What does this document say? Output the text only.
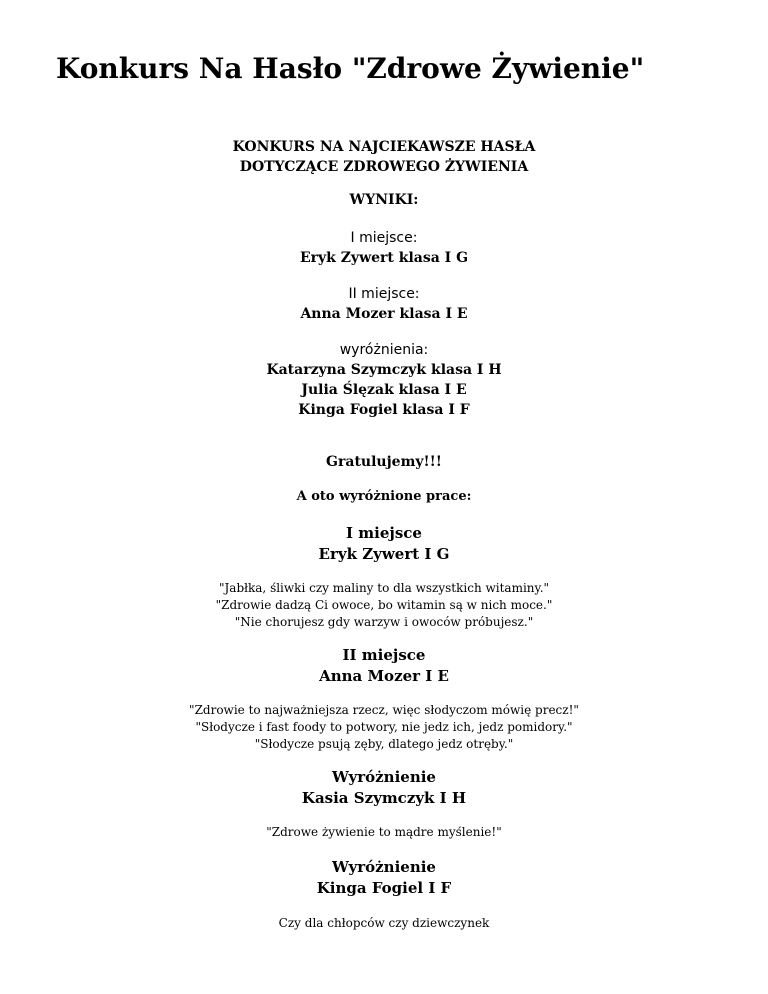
Konkurs Na Hasło "Zdrowe Żywienie"
KONKURS NA NAJCIEKAWSZE HASŁA
DOTYCZĄCE ZDROWEGO ŻYWIENIA
WYNIKI:
I miejsce:
Eryk Zywert klasa I G
II miejsce:
Anna Mozer klasa I E
wyróżnienia:
Katarzyna Szymczyk klasa I H
Julia Ślęzak klasa I E
Kinga Fogiel klasa I F
Gratulujemy!!!
A oto wyróżnione prace:
I miejsce
Eryk Zywert I G
"Jabłka, śliwki czy maliny to dla wszystkich witaminy."
"Zdrowie dadzą Ci owoce, bo witamin są w nich moce."
"Nie chorujesz gdy warzyw i owoców próbujesz."
II miejsce
Anna Mozer I E
"Zdrowie to najważniejsza rzecz, więc słodyczom mówię precz!"
"Słodycze i fast foody to potwory, nie jedz ich, jedz pomidory."
"Słodycze psują zęby, dlatego jedz otręby."
Wyróżnienie
Kasia Szymczyk I H
"Zdrowe żywienie to mądre myślenie!"
Wyróżnienie
Kinga Fogiel I F
Czy dla chłopców czy dziewczynek
